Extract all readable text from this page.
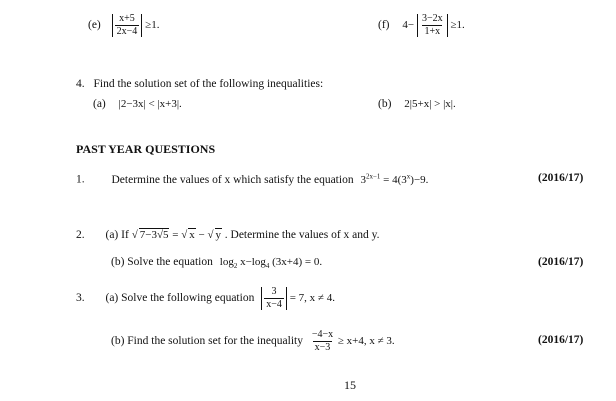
$(e) \frac{x+5}{2x-4} \ge 1$.	(f) $4- \frac{3-2x}{1+x} \ge 1$.
4. Find the solution set of the following inequalities:
(a) |2−3x| < |x+3|.	(b) 2|5+x| > |x|.
PAST YEAR QUESTIONS
1. Determine the values of x which satisfy the equation $3^{2x-1} = 4(3^x)-9$.	(2016/17)
2. (a) If √ 7−3√5 = √ x − √ y . Determine the values of x and y.
(b) Solve the equation $\log_2 x-\log_4$ (3x+4) = 0.	(2016/17)
3. (a) Solve the following equation $\frac{3}{x-4} = 7$, x ≠ 4.
(b) Find the solution set for the inequality $\frac{-4-x}{x-3} \ge x+4$, x ≠ 3.	(2016/17)
15
